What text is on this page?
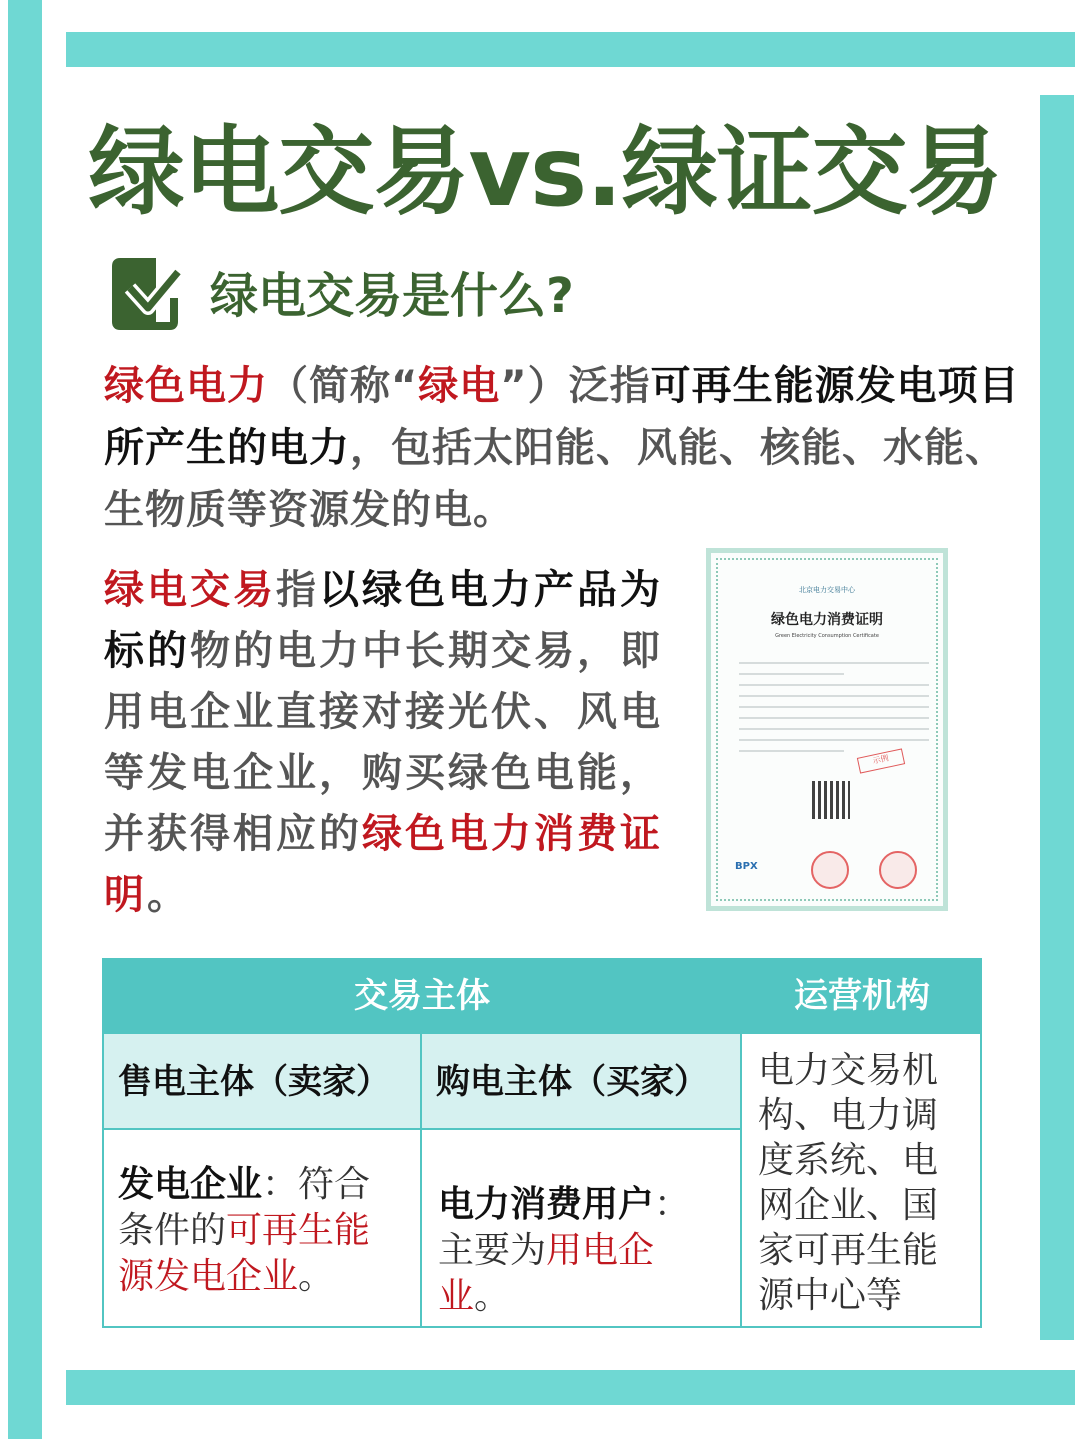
绿电交易vs.绿证交易
绿电交易是什么?
绿色电力（简称“绿电”）泛指可再生能源发电项目所产生的电力，包括太阳能、风能、核能、水能、生物质等资源发的电。
绿电交易指以绿色电力产品为标的物的电力中长期交易，即用电企业直接对接光伏、风电等发电企业，购买绿色电能，并获得相应的绿色电力消费证明。
北京电力交易中心
绿色电力消费证明
Green Electricity Consumption Certificate
示例
BPX
交易主体	运营机构
售电主体（卖家）	购电主体（买家）
发电企业：符合条件的可再生能源发电企业。
电力消费用户：主要为用电企业。
电力交易机构、电力调度系统、电网企业、国家可再生能源中心等
